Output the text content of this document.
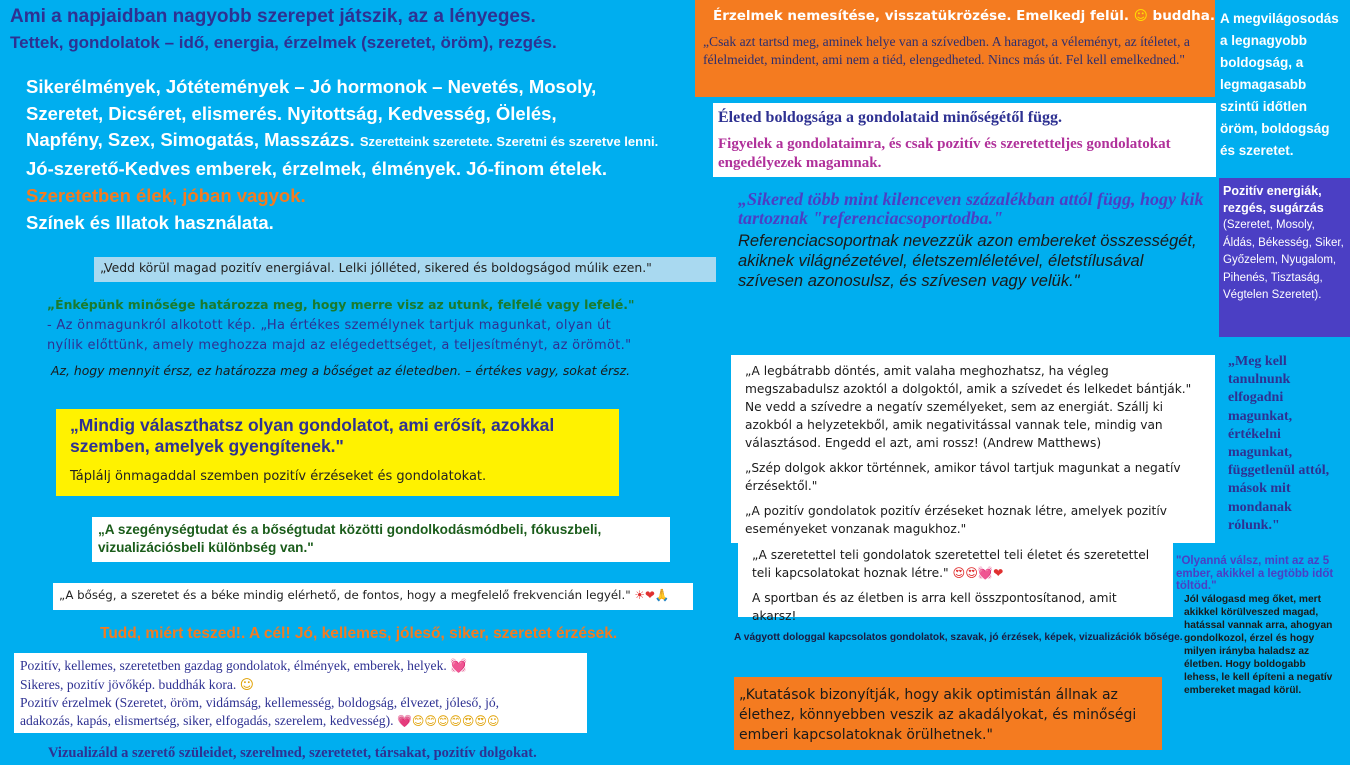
Ami a napjaidban nagyobb szerepet játszik, az a lényeges.

Tettek, gondolatok – idő, energia, érzelmek (szeretet, öröm), rezgés.

Sikerélmények, Jótétemények – Jó hormonok – Nevetés, Mosoly,

Szeretet, Dicséret, elismerés. Nyitottság, Kedvesség, Ölelés,

Napfény, Szex, Simogatás, Masszázs. Szeretteink szeretete. Szeretni és szeretve lenni.

Jó-szerető-Kedves emberek, érzelmek, élmények. Jó-finom ételek.

Szeretetben élek, jóban vagyok.

Színek és Illatok használata.

„Vedd körül magad pozitív energiával. Lelki jólléted, sikered és boldogságod múlik ezen."

„Énképünk minősége határozza meg, hogy merre visz az utunk, felfelé vagy lefelé."

- Az önmagunkról alkotott kép. „Ha értékes személynek tartjuk magunkat, olyan út

nyílik előttünk, amely meghozza majd az elégedettséget, a teljesítményt, az örömöt."

Az, hogy mennyit érsz, ez határozza meg a bőséget az életedben. – értékes vagy, sokat érsz.

„Mindig választhatsz olyan gondolatot, ami erősít, azokkal szemben, amelyek gyengítenek."

Táplálj önmagaddal szemben pozitív érzéseket és gondolatokat.

„A szegénységtudat és a bőségtudat közötti gondolkodásmódbeli, fókuszbeli, vizualizációsbeli különbség van."

„A bőség, a szeretet és a béke mindig elérhető, de fontos, hogy a megfelelő frekvencián legyél." ☀❤🙏

Tudd, miért teszed!. A cél! Jó, kellemes, jóleső, siker, szeretet érzések.

Pozitív, kellemes, szeretetben gazdag gondolatok, élmények, emberek, helyek. 💓

Sikeres, pozitív jövőkép. buddhák kora. ☺

Pozitív érzelmek (Szeretet, öröm, vidámság, kellemesség, boldogság, élvezet, jóleső, jó,

adakozás, kapás, elismertség, siker, elfogadás, szerelem, kedvesség). 💗😊😊😊😊😍😍☺

Vizualizáld a szerető szüleidet, szerelmed, szeretetet, társakat, pozitív dolgokat.

Érzelmek nemesítése, visszatükrözése. Emelkedj felül. ☺ buddha.

„Csak azt tartsd meg, aminek helye van a szívedben. A haragot, a véleményt, az ítéletet, a félelmeidet, mindent, ami nem a tiéd, elengedheted. Nincs más út. Fel kell emelkedned."

Életed boldogsága a gondolataid minőségétől függ.

Figyelek a gondolataimra, és csak pozitív és szeretetteljes gondolatokat engedélyezek magamnak.

„Sikered több mint kilenceven százalékban attól függ, hogy kik tartoznak "referenciacsoportodba."

Referenciacsoportnak nevezzük azon embereket összességét, akiknek világnézetével, életszemléletével, életstílusával szívesen azonosulsz, és szívesen vagy velük."

„A legbátrabb döntés, amit valaha meghozhatsz, ha végleg megszabadulsz azoktól a dolgoktól, amik a szívedet és lelkedet bántják."

Ne vedd a szívedre a negatív személyeket, sem az energiát. Szállj ki azokból a helyzetekből, amik negativitással vannak tele, mindig van választásod. Engedd el azt, ami rossz! (Andrew Matthews)

„Szép dolgok akkor történnek, amikor távol tartjuk magunkat a negatív érzésektől."

„A pozitív gondolatok pozitív érzéseket hoznak létre, amelyek pozitív eseményeket vonzanak magukhoz."

„A szeretettel teli gondolatok szeretettel teli életet és szeretettel teli kapcsolatokat hoznak létre." 😍😍💓❤

A sportban és az életben is arra kell összpontosítanod, amit akarsz!

A vágyott dologgal kapcsolatos gondolatok, szavak, jó érzések, képek, vizualizációk bősége.

„Kutatások bizonyítják, hogy akik optimistán állnak az élethez, könnyebben veszik az akadályokat, és minőségi emberi kapcsolatoknak örülhetnek."

A megvilágosodás a legnagyobb boldogság, a legmagasabb szintű időtlen öröm, boldogság és szeretet.

Pozitív energiák, rezgés, sugárzás

(Szeretet, Mosoly, Áldás, Békesség, Siker, Győzelem, Nyugalom, Pihenés, Tisztaság, Végtelen Szeretet).

„Meg kell tanulnunk elfogadni magunkat, értékelni magunkat, függetlenül attól, mások mit mondanak rólunk."

"Olyanná válsz, mint az az 5 ember, akikkel a legtöbb időt töltöd."

Jól válogasd meg őket, mert akikkel körülveszed magad, hatással vannak arra, ahogyan gondolkozol, érzel és hogy milyen irányba haladsz az életben. Hogy boldogabb lehess, le kell építeni a negatív embereket magad körül.
